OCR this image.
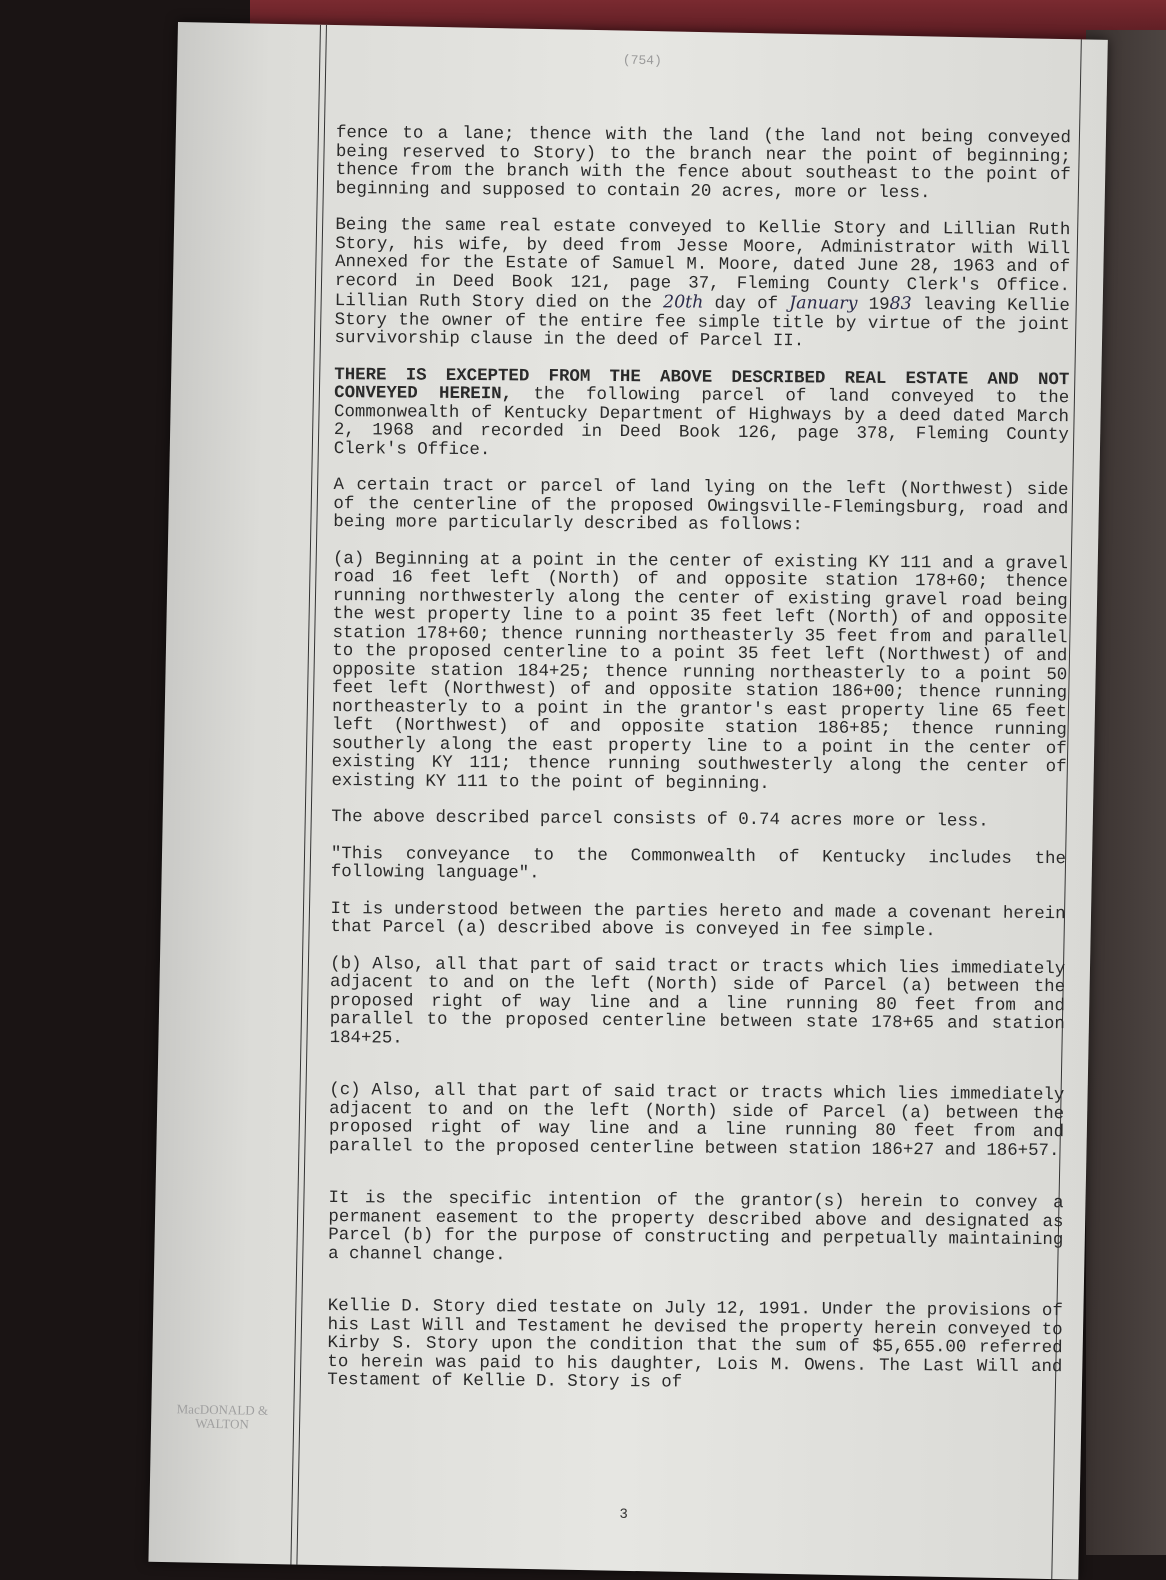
(754)
MacDONALD &
WALTON

fence to a lane; thence with the land (the land not being conveyed being reserved to Story) to the branch near the point of beginning; thence from the branch with the fence about southeast to the point of beginning and supposed to contain 20 acres, more or less.

Being the same real estate conveyed to Kellie Story and Lillian Ruth Story, his wife, by deed from Jesse Moore, Administrator with Will Annexed for the Estate of Samuel M. Moore, dated June 28, 1963 and of record in Deed Book 121, page 37, Fleming County Clerk's Office. Lillian Ruth Story died on the 20th day of January 1983 leaving Kellie Story the owner of the entire fee simple title by virtue of the joint survivorship clause in the deed of Parcel II.

THERE IS EXCEPTED FROM THE ABOVE DESCRIBED REAL ESTATE AND NOT CONVEYED HEREIN, the following parcel of land conveyed to the Commonwealth of Kentucky Department of Highways by a deed dated March 2, 1968 and recorded in Deed Book 126, page 378, Fleming County Clerk's Office.

A certain tract or parcel of land lying on the left (Northwest) side of the centerline of the proposed Owingsville-Flemingsburg, road and being more particularly described as follows:

(a) Beginning at a point in the center of existing KY 111 and a gravel road 16 feet left (North) of and opposite station 178+60; thence running northwesterly along the center of existing gravel road being the west property line to a point 35 feet left (North) of and opposite station 178+60; thence running northeasterly 35 feet from and parallel to the proposed centerline to a point 35 feet left (Northwest) of and opposite station 184+25; thence running northeasterly to a point 50 feet left (Northwest) of and opposite station 186+00; thence running northeasterly to a point in the grantor's east property line 65 feet left (Northwest) of and opposite station 186+85; thence running southerly along the east property line to a point in the center of existing KY 111; thence running southwesterly along the center of existing KY 111 to the point of beginning.

The above described parcel consists of 0.74 acres more or less.

"This conveyance to the Commonwealth of Kentucky includes the following language".

It is understood between the parties hereto and made a covenant herein that Parcel (a) described above is conveyed in fee simple.

(b) Also, all that part of said tract or tracts which lies immediately adjacent to and on the left (North) side of Parcel (a) between the proposed right of way line and a line running 80 feet from and parallel to the proposed centerline between state 178+65 and station 184+25.

(c) Also, all that part of said tract or tracts which lies immediately adjacent to and on the left (North) side of Parcel (a) between the proposed right of way line and a line running 80 feet from and parallel to the proposed centerline between station 186+27 and 186+57.

It is the specific intention of the grantor(s) herein to convey a permanent easement to the property described above and designated as Parcel (b) for the purpose of constructing and perpetually maintaining a channel change.

Kellie D. Story died testate on July 12, 1991. Under the provisions of his Last Will and Testament he devised the property herein conveyed to Kirby S. Story upon the condition that the sum of $5,655.00 referred to herein was paid to his daughter, Lois M. Owens. The Last Will and Testament of Kellie D. Story is of

3
